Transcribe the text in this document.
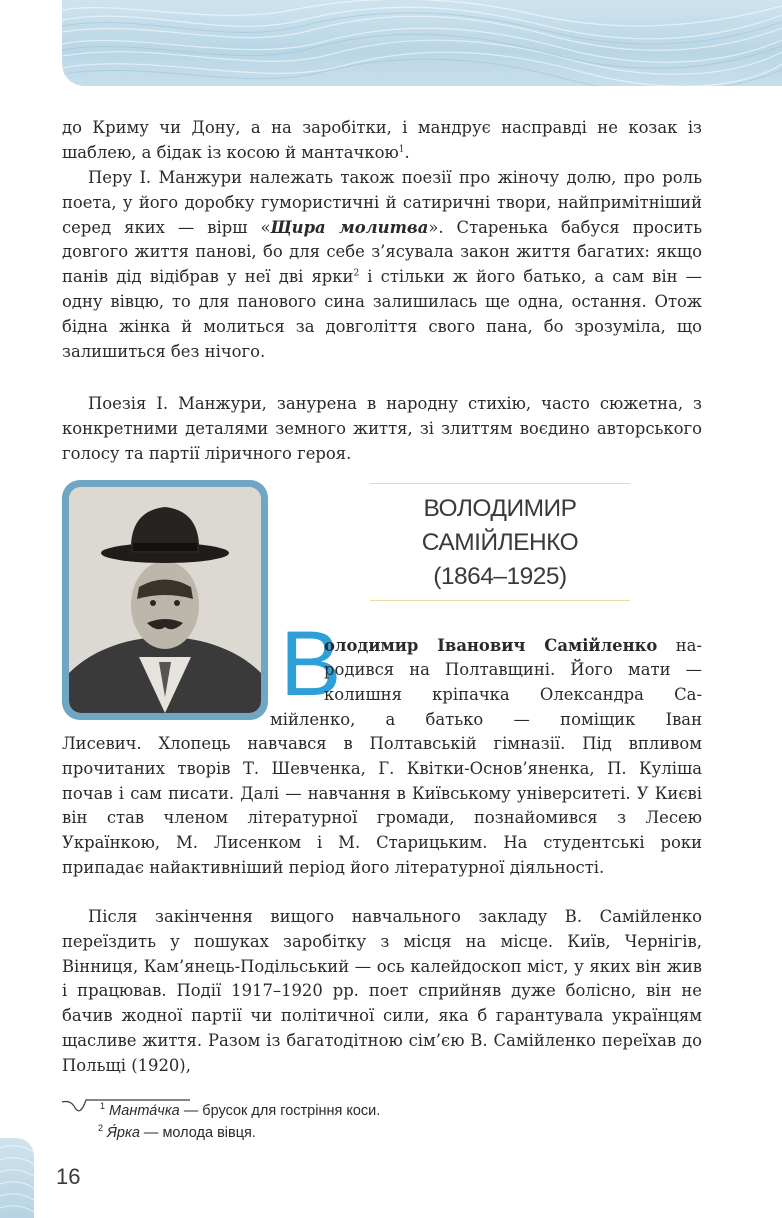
до Криму чи Дону, а на заробітки, і мандрує насправді не козак із шаблею, а бідак із косою й мантачкою$^1$.

Перу І. Манжури належать також поезії про жіночу долю, про роль поета, у його доробку гумористичні й сатиричні твори, найпримітніший серед яких — вірш «Щира молитва». Старенька бабуся просить довгого життя панові, бо для себе з’ясувала закон життя багатих: якщо панів дід відібрав у неї дві ярки$^2$ і стільки ж його батько, а сам він — одну вівцю, то для панового сина залишилась ще одна, остання. Отож бідна жінка й молиться за довголіття свого пана, бо зрозуміла, що залишиться без нічого.

Поезія І. Манжури, занурена в народну стихію, часто сюжетна, з конкретними деталями земного життя, зі злиттям воєдино авторського голосу та партії ліричного героя.

ВОЛОДИМИР
САМІЙЛЕНКО
(1864–1925)
В
олодимир Іванович Самійленко на-
родився на Полтавщині. Його мати —
колишня кріпачка Олександра Са-
мійленко, а батько — поміщик Іван

Лисевич. Хлопець навчався в Полтавській гімназії. Під впливом прочитаних творів Т. Шевченка, Г. Квітки-Основ’яненка, П. Куліша почав і сам писати. Далі — навчання в Київському університеті. У Києві він став членом літературної громади, познайомився з Лесею Українкою, М. Лисенком і М. Старицьким. На студентські роки припадає найактивніший період його літературної діяльності.

Після закінчення вищого навчального закладу В. Самійленко переїздить у пошуках заробітку з місця на місце. Київ, Чернігів, Вінниця, Кам’янець-Подільський — ось калейдоскоп міст, у яких він жив і працював. Події 1917–1920 рр. поет сприйняв дуже болісно, він не бачив жодної партії чи політичної сили, яка б гарантувала українцям щасливе життя. Разом із багатодітною сім’єю В. Самійленко переїхав до Польщі (1920),

$^1$ Манта́чка — брусок для гостріння коси.
$^2$ Я́рка — молода вівця.
16
